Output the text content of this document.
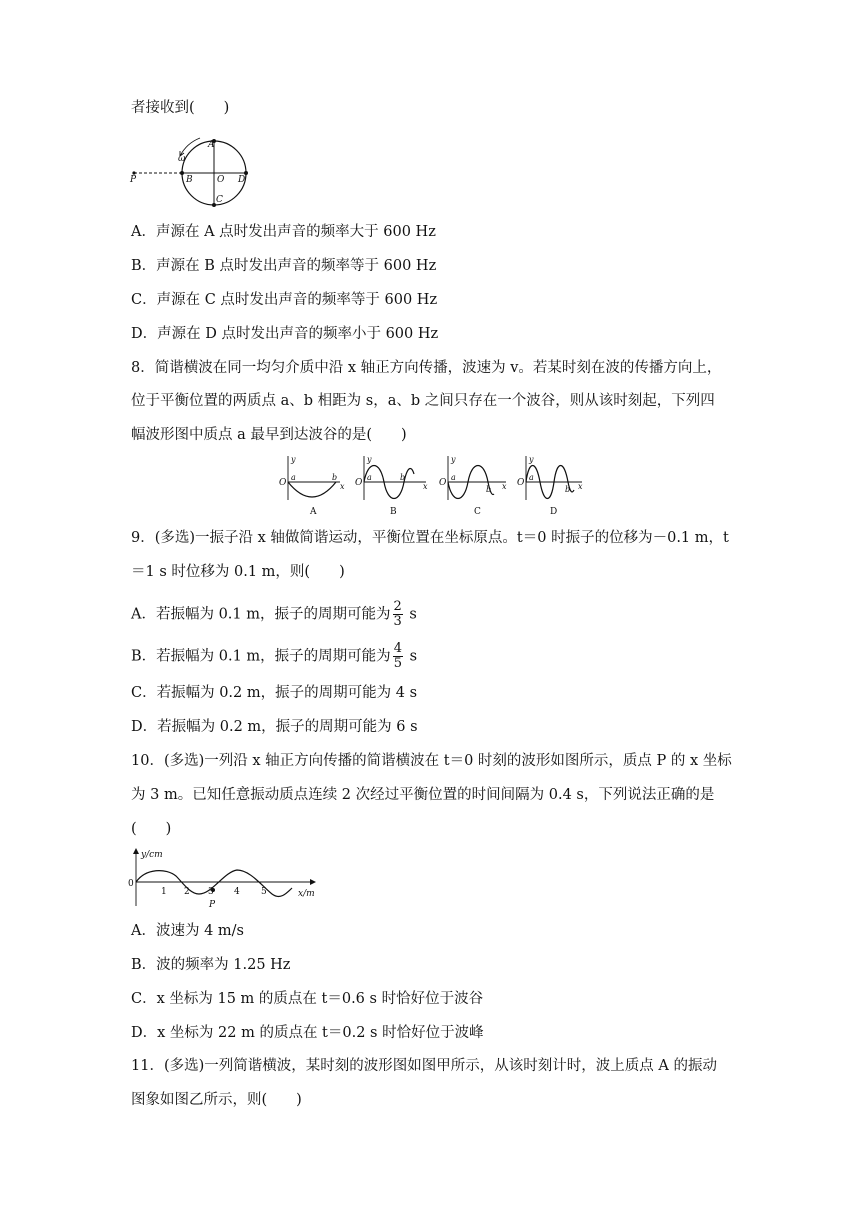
者接收到(　　)
ω
P
A
B	O D
C
A．声源在 A 点时发出声音的频率大于 600 Hz
B．声源在 B 点时发出声音的频率等于 600 Hz
C．声源在 C 点时发出声音的频率等于 600 Hz
D．声源在 D 点时发出声音的频率小于 600 Hz
8．简谐横波在同一均匀介质中沿 x 轴正方向传播，波速为 v。若某时刻在波的传播方向上，
位于平衡位置的两质点 a、b 相距为 s，a、b 之间只存在一个波谷，则从该时刻起，下列四
幅波形图中质点 a 最早到达波谷的是(　　)
y
O
a	b
x
A
y
O
a	b
x
B
y
O
a
b x
C
y
O
a
b x
D
9．(多选)一振子沿 x 轴做简谐运动，平衡位置在坐标原点。t＝0 时振子的位移为－0.1 m，t
＝1 s 时位移为 0.1 m，则(　　)
A．若振幅为 0.1 m，振子的周期可能为 $\frac{2}{3}$ s
B．若振幅为 0.1 m，振子的周期可能为 $\frac{4}{5}$ s
C．若振幅为 0.2 m，振子的周期可能为 4 s
D．若振幅为 0.2 m，振子的周期可能为 6 s
10．(多选)一列沿 x 轴正方向传播的简谐横波在 t＝0 时刻的波形如图所示，质点 P 的 x 坐标
为 3 m。已知任意振动质点连续 2 次经过平衡位置的时间间隔为 0.4 s，下列说法正确的是
(　　)
y/cm
x/m
0
1 2 3 4 5
P
A．波速为 4 m/s
B．波的频率为 1.25 Hz
C．x 坐标为 15 m 的质点在 t＝0.6 s 时恰好位于波谷
D．x 坐标为 22 m 的质点在 t＝0.2 s 时恰好位于波峰
11．(多选)一列简谐横波，某时刻的波形图如图甲所示，从该时刻计时，波上质点 A 的振动
图象如图乙所示，则(　　)
